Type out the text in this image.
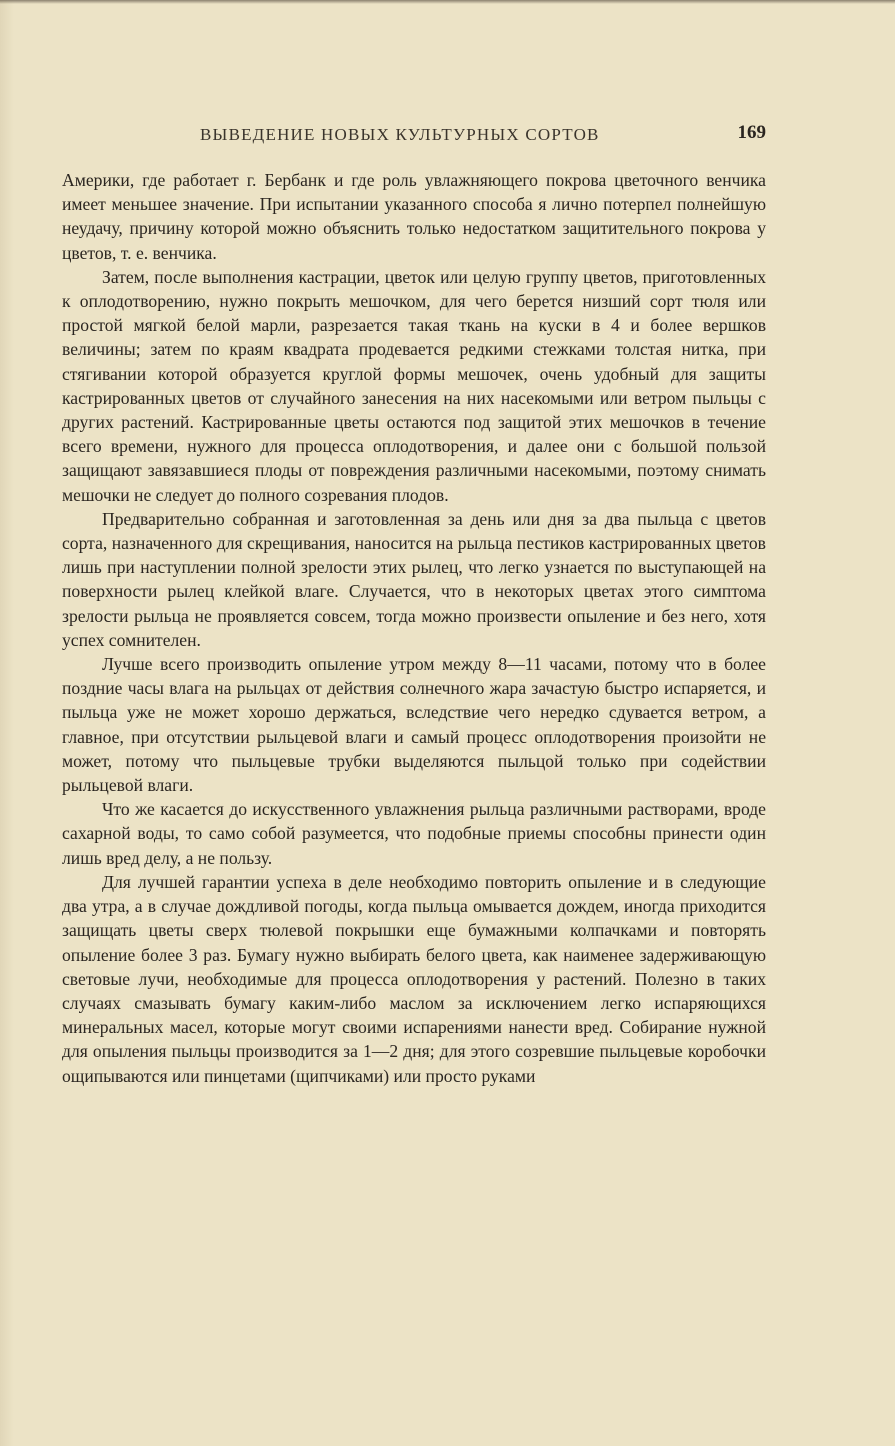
ВЫВЕДЕНИЕ НОВЫХ КУЛЬТУРНЫХ СОРТОВ	169

Америки, где работает г. Бербанк и где роль увлажняющего покрова цветочного венчика имеет меньшее значение. При испытании указанного способа я лично потерпел полнейшую неудачу, причину которой можно объяснить только недостатком защитительного покрова у цветов, т. е. венчика.

Затем, после выполнения кастрации, цветок или целую группу цветов, приготовленных к оплодотворению, нужно покрыть мешочком, для чего берется низший сорт тюля или простой мягкой белой марли, разрезается такая ткань на куски в 4 и более вершков величины; затем по краям квадрата продевается редкими стежками толстая нитка, при стягивании которой образуется круглой формы мешочек, очень удобный для защиты кастрированных цветов от случайного занесения на них насекомыми или ветром пыльцы с других растений. Кастрированные цветы остаются под защитой этих мешочков в течение всего времени, нужного для процесса оплодотворения, и далее они с большой пользой защищают завязавшиеся плоды от повреждения различными насекомыми, поэтому снимать мешочки не следует до полного созревания плодов.

Предварительно собранная и заготовленная за день или дня за два пыльца с цветов сорта, назначенного для скрещивания, наносится на рыльца пестиков кастрированных цветов лишь при наступлении полной зрелости этих рылец, что легко узнается по выступающей на поверхности рылец клейкой влаге. Случается, что в некоторых цветах этого симптома зрелости рыльца не проявляется совсем, тогда можно произвести опыление и без него, хотя успех сомнителен.

Лучше всего производить опыление утром между 8—11 часами, потому что в более поздние часы влага на рыльцах от действия солнечного жара зачастую быстро испаряется, и пыльца уже не может хорошо держаться, вследствие чего нередко сдувается ветром, а главное, при отсутствии рыльцевой влаги и самый процесс оплодотворения произойти не может, потому что пыльцевые трубки выделяются пыльцой только при содействии рыльцевой влаги.

Что же касается до искусственного увлажнения рыльца различными растворами, вроде сахарной воды, то само собой разумеется, что подобные приемы способны принести один лишь вред делу, а не пользу.

Для лучшей гарантии успеха в деле необходимо повторить опыление и в следующие два утра, а в случае дождливой погоды, когда пыльца омывается дождем, иногда приходится защищать цветы сверх тюлевой покрышки еще бумажными колпачками и повторять опыление более 3 раз. Бумагу нужно выбирать белого цвета, как наименее задерживающую световые лучи, необходимые для процесса оплодотворения у растений. Полезно в таких случаях смазывать бумагу каким-либо маслом за исключением легко испаряющихся минеральных масел, которые могут своими испарениями нанести вред. Собирание нужной для опыления пыльцы производится за 1—2 дня; для этого созревшие пыльцевые коробочки ощипываются или пинцетами (щипчиками) или просто руками
